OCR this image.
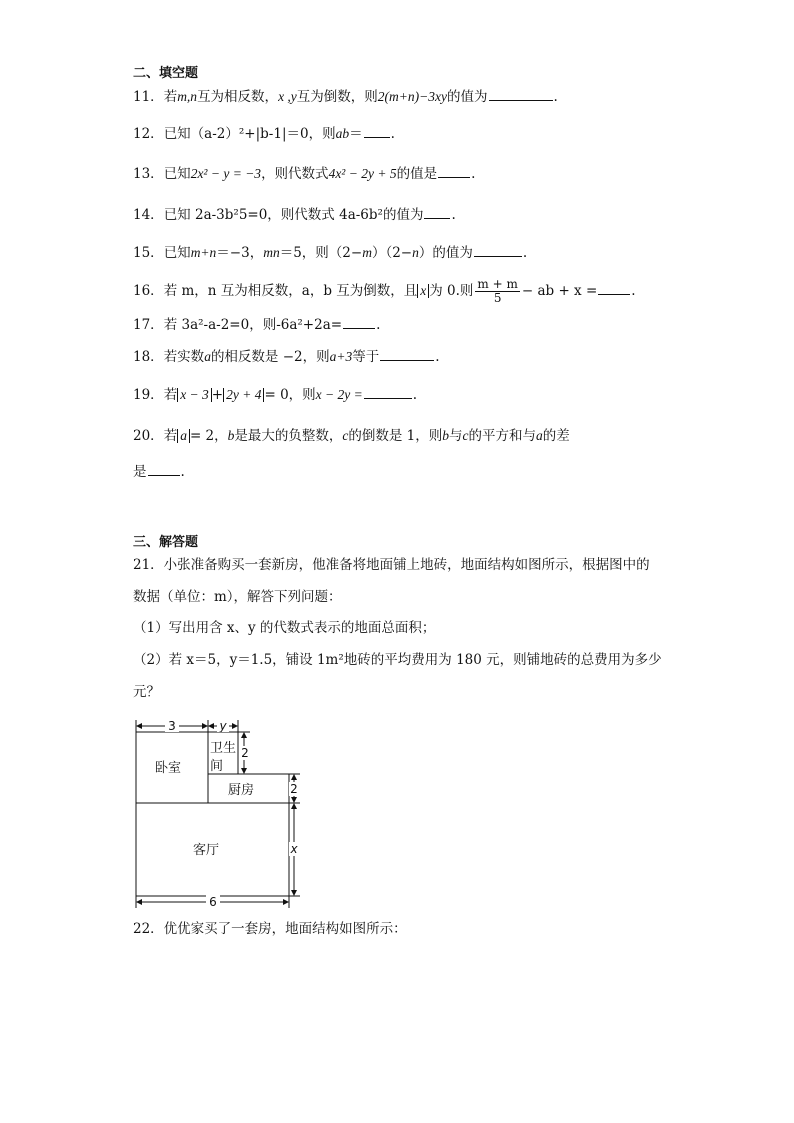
二、填空题
11．若m,n互为相反数，x ,y互为倒数，则2(m+n)−3xy的值为	.
12．已知（a-2）²+|b-1|＝0，则ab＝ .
13．已知2x² − y = −3，则代数式4x² − 2y + 5的值是	.
14．已知 2a-3b²5=0，则代数式 4a-6b²的值为 .
15．已知m+n＝−3，mn＝5，则（2−m）（2−n）的值为	.
16．若 m，n 互为相反数，a，b 互为倒数，且 x 为 0.则 $\frac{m + m}{5}$ − ab + x =	.
17．若 3a²-a-2=0，则-6a²+2a=	.
18．若实数a的相反数是 −2，则a+3等于	.
19．若 x − 3 + 2y + 4 = 0，则x − 2y =	.
20．若 a = 2，b是最大的负整数，c的倒数是 1，则b与c的平方和与a的差
是	.
三、解答题
21．小张准备购买一套新房，他准备将地面铺上地砖，地面结构如图所示，根据图中的
数据（单位：m），解答下列问题：
（1）写出用含 x、y 的代数式表示的地面总面积；
（2）若 x＝5，y＝1.5，铺设 1m²地砖的平均费用为 180 元，则铺地砖的总费用为多少
元？
3	y
2
2
x
6
卧室
卫生
间
厨房
客厅
22．优优家买了一套房，地面结构如图所示：
